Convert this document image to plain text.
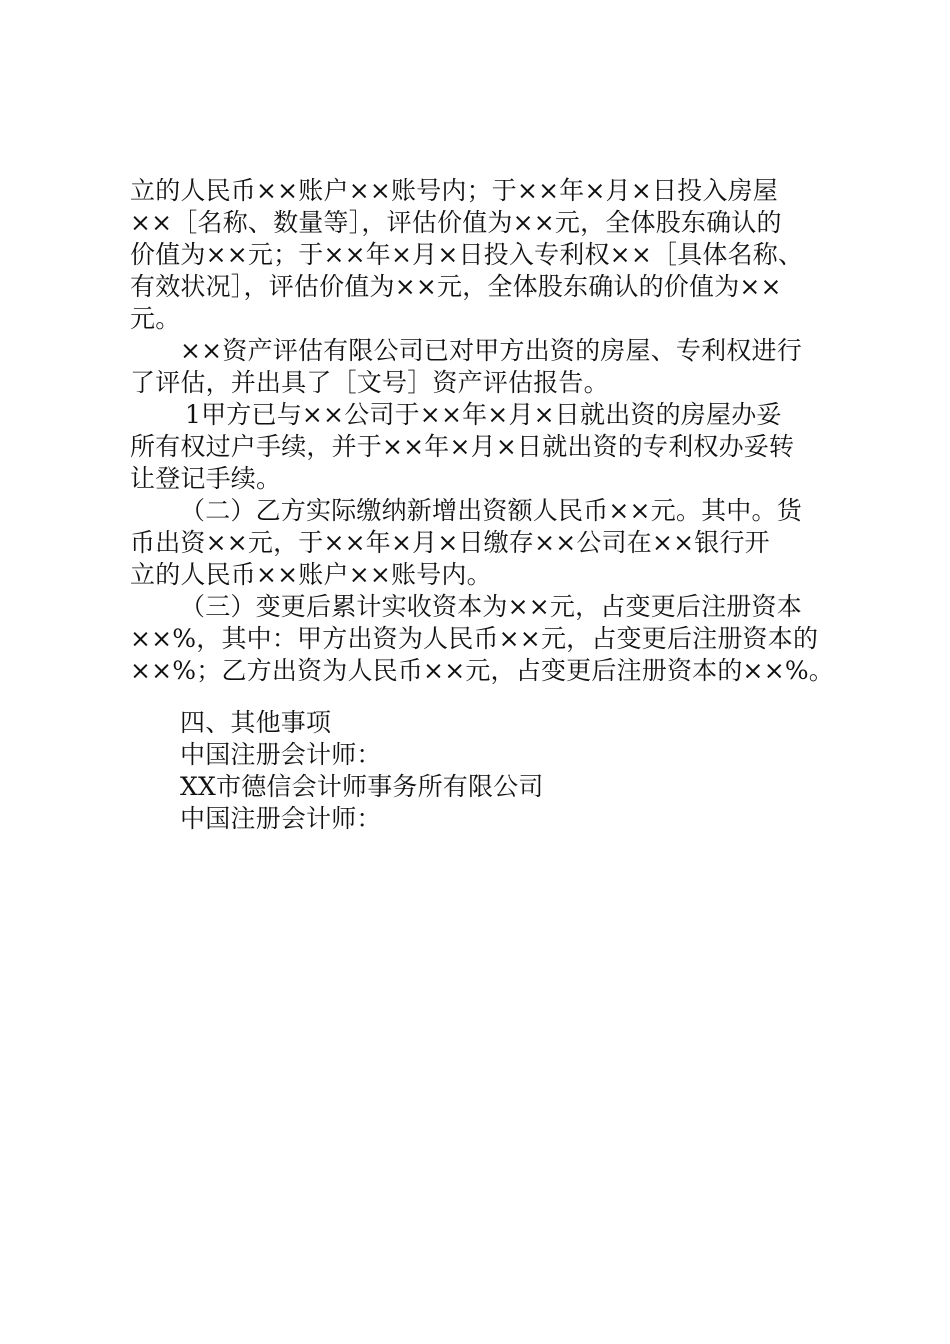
立的人民币××账户××账号内；于××年×月×日投入房屋
××［名称、数量等］，评估价值为××元，全体股东确认的
价值为××元；于××年×月×日投入专利权××［具体名称、
有效状况］，评估价值为××元，全体股东确认的价值为××
元。
××资产评估有限公司已对甲方出资的房屋、专利权进行
了评估，并出具了［文号］资产评估报告。
1甲方已与××公司于××年×月×日就出资的房屋办妥
所有权过户手续，并于××年×月×日就出资的专利权办妥转
让登记手续。
（二）乙方实际缴纳新增出资额人民币××元。其中。货
币出资××元，于××年×月×日缴存××公司在××银行开
立的人民币××账户××账号内。
（三）变更后累计实收资本为××元，占变更后注册资本
××%，其中：甲方出资为人民币××元，占变更后注册资本的
××%；乙方出资为人民币××元，占变更后注册资本的××%。
四、其他事项
中国注册会计师：
XX市德信会计师事务所有限公司
中国注册会计师：
